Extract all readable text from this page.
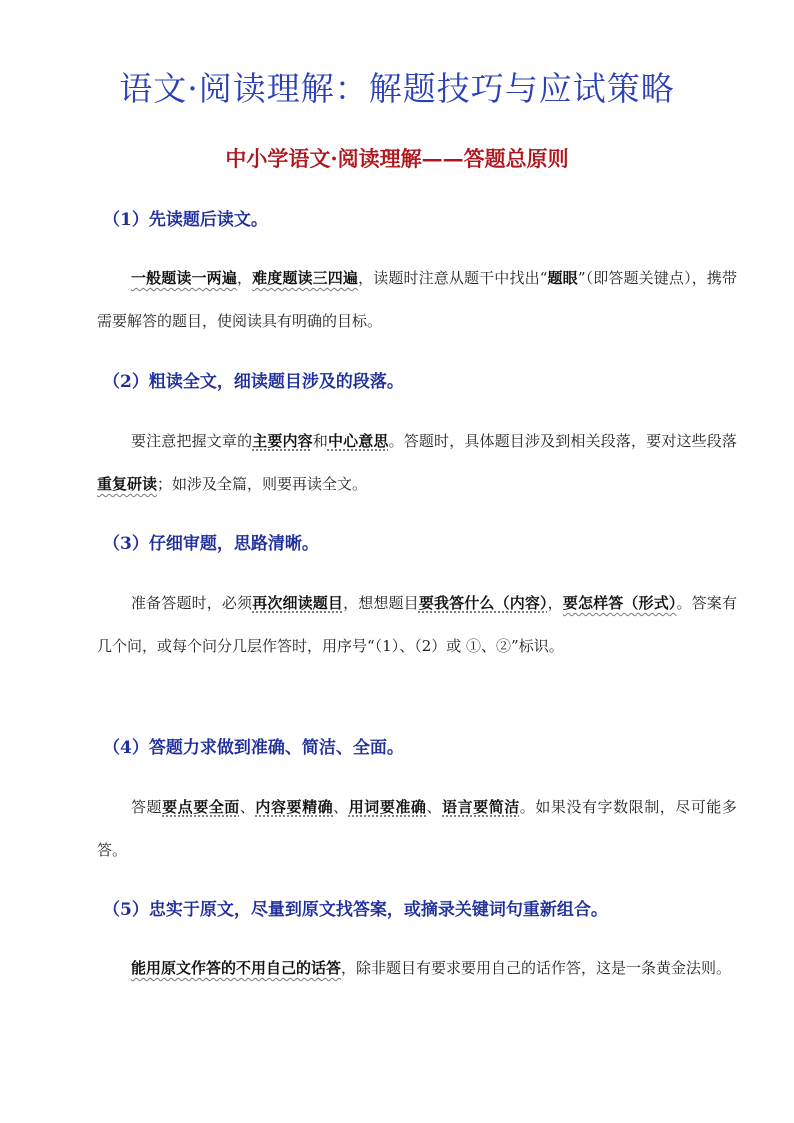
语文·阅读理解：解题技巧与应试策略
中小学语文·阅读理解——答题总原则
（1）先读题后读文。
一般题读一两遍，难度题读三四遍，读题时注意从题干中找出“题眼”（即答题关键点），携带需要解答的题目，使阅读具有明确的目标。
（2）粗读全文，细读题目涉及的段落。
要注意把握文章的主要内容和中心意思。答题时，具体题目涉及到相关段落，要对这些段落重复研读；如涉及全篇，则要再读全文。
（3）仔细审题，思路清晰。
准备答题时，必须再次细读题目，想想题目要我答什么（内容），要怎样答（形式）。答案有几个问，或每个问分几层作答时，用序号“（1）、（2）或 ①、②”标识。
（4）答题力求做到准确、简洁、全面。
答题要点要全面、内容要精确、用词要准确、语言要简洁。如果没有字数限制，尽可能多答。
（5）忠实于原文，尽量到原文找答案，或摘录关键词句重新组合。
能用原文作答的不用自己的话答，除非题目有要求要用自己的话作答，这是一条黄金法则。
